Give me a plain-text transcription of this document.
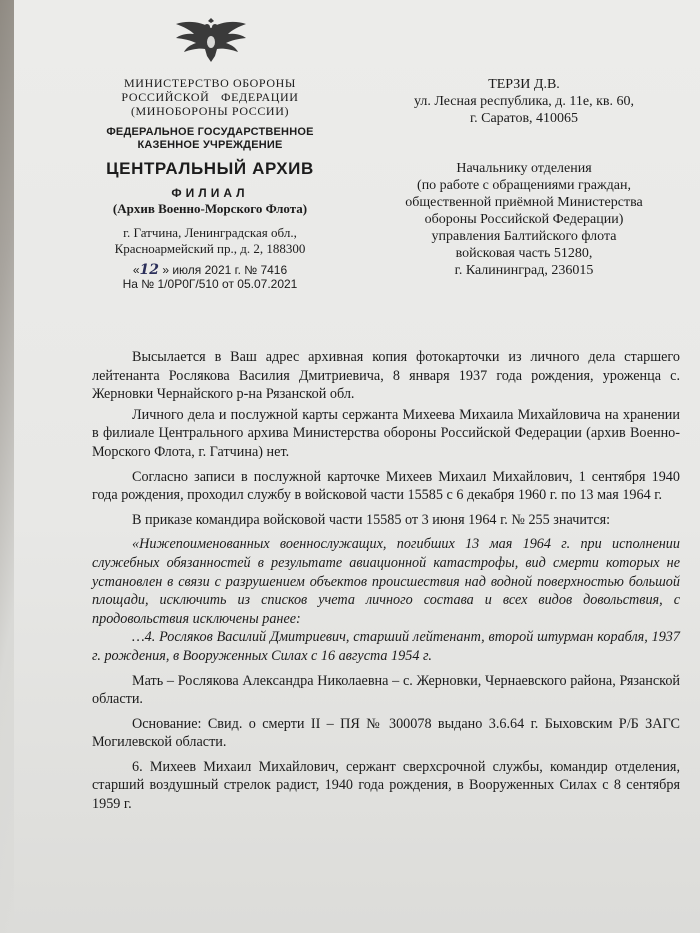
МИНИСТЕРСТВО ОБОРОНЫ
РОССИЙСКОЙ ФЕДЕРАЦИИ
(МИНОБОРОНЫ РОССИИ)
ФЕДЕРАЛЬНОЕ ГОСУДАРСТВЕННОЕ
КАЗЕННОЕ УЧРЕЖДЕНИЕ
ЦЕНТРАЛЬНЫЙ АРХИВ
ФИЛИАЛ
(Архив Военно-Морского Флота)
г. Гатчина, Ленинградская обл.,
Красноармейский пр., д. 2, 188300
«12 » июля 2021 г. № 7416
На № 1/0Р0Г/510 от 05.07.2021
ТЕРЗИ Д.В.
ул. Лесная республика, д. 11е, кв. 60,
г. Саратов, 410065
Начальнику отделения
(по работе с обращениями граждан,
общественной приёмной Министерства
обороны Российской Федерации)
управления Балтийского флота
войсковая часть 51280,
г. Калининград, 236015

Высылается в Ваш адрес архивная копия фотокарточки из личного дела старшего лейтенанта Рослякова Василия Дмитриевича, 8 января 1937 года рождения, уроженца с. Жерновки Чернайского р-на Рязанской обл.

Личного дела и послужной карты сержанта Михеева Михаила Михайловича на хранении в филиале Центрального архива Министерства обороны Российской Федерации (архив Военно-Морского Флота, г. Гатчина) нет.

Согласно записи в послужной карточке Михеев Михаил Михайлович, 1 сентября 1940 года рождения, проходил службу в войсковой части 15585 с 6 декабря 1960 г. по 13 мая 1964 г.

В приказе командира войсковой части 15585 от 3 июня 1964 г. № 255 значится:

«Нижепоименованных военнослужащих, погибших 13 мая 1964 г. при исполнении служебных обязанностей в результате авиационной катастрофы, вид смерти которых не установлен в связи с разрушением объектов происшествия над водной поверхностью большой площади, исключить из списков учета личного состава и всех видов довольствия, с продовольствия исключены ранее:

…4. Росляков Василий Дмитриевич, старший лейтенант, второй штурман корабля, 1937 г. рождения, в Вооруженных Силах с 16 августа 1954 г.

Мать – Рослякова Александра Николаевна – с. Жерновки, Чернаевского района, Рязанской области.

Основание: Свид. о смерти II – ПЯ № 300078 выдано 3.6.64 г. Быховским Р/Б ЗАГС Могилевской области.

6. Михеев Михаил Михайлович, сержант сверхсрочной службы, командир отделения, старший воздушный стрелок радист, 1940 года рождения, в Вооруженных Силах с 8 сентября 1959 г.
